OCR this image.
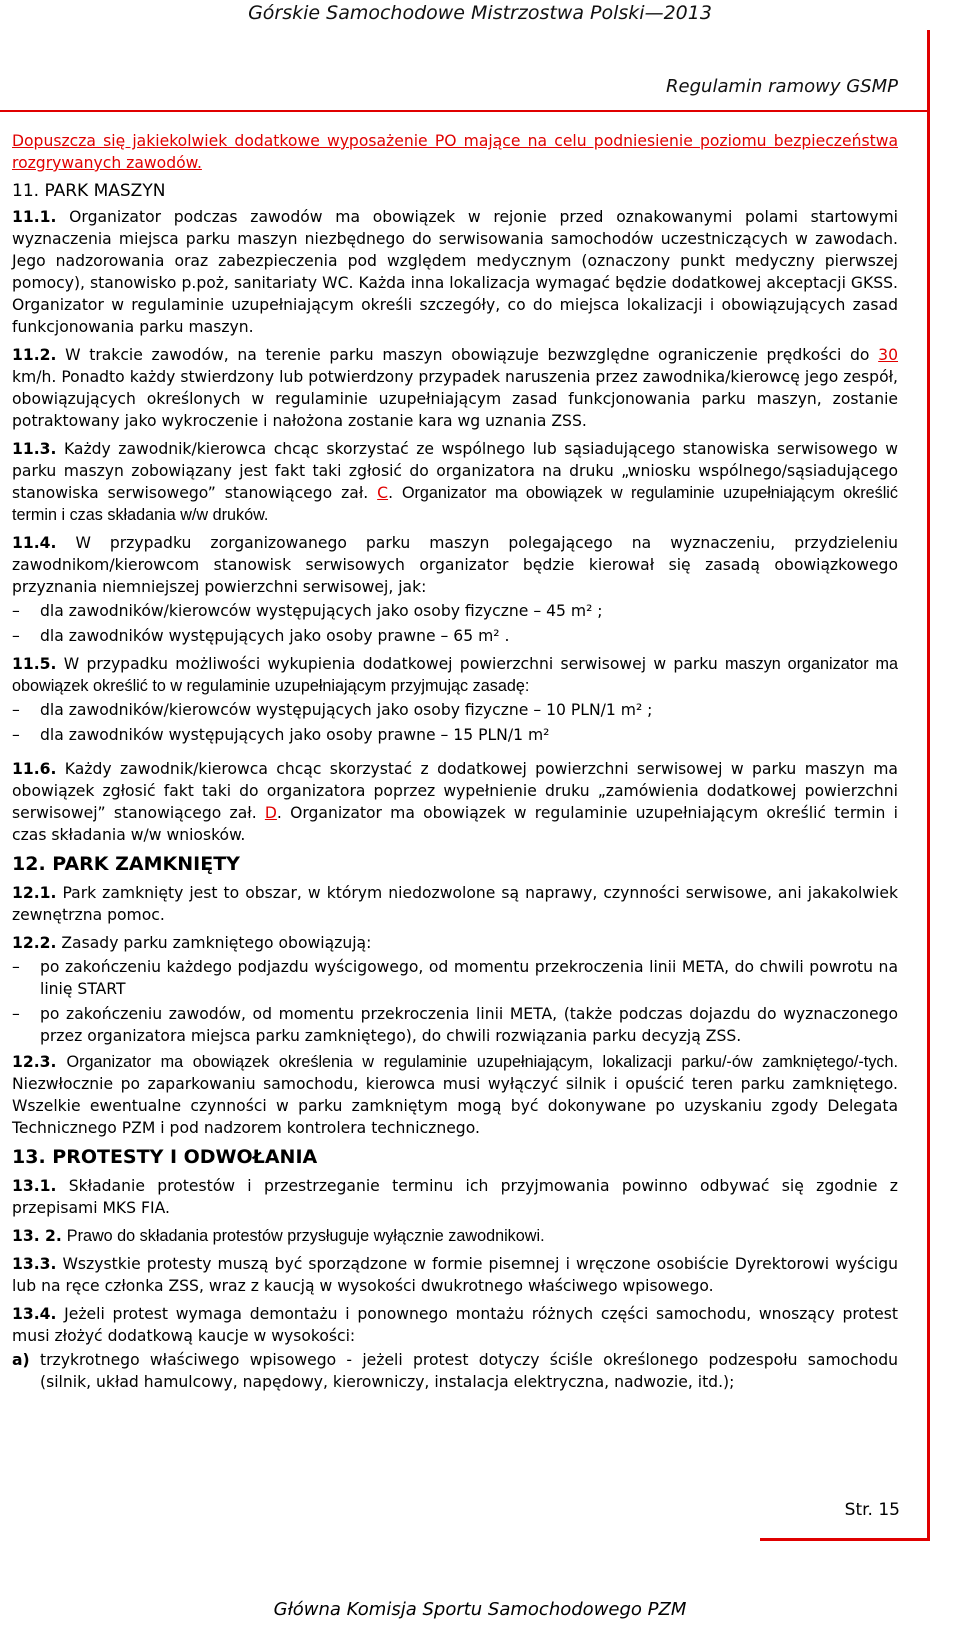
Górskie Samochodowe Mistrzostwa Polski—2013
Regulamin ramowy GSMP

Dopuszcza się jakiekolwiek dodatkowe wyposażenie PO mające na celu podniesienie poziomu bezpieczeństwa rozgrywanych zawodów.

11. PARK MASZYN

11.1. Organizator podczas zawodów ma obowiązek w rejonie przed oznakowanymi polami startowymi wyznaczenia miejsca parku maszyn niezbędnego do serwisowania samochodów uczestniczących w zawodach. Jego nadzorowania oraz zabezpieczenia pod względem medycznym (oznaczony punkt medyczny pierwszej pomocy), stanowisko p.poż, sanitariaty WC. Każda inna lokalizacja wymagać będzie dodatkowej akceptacji GKSS. Organizator w regulaminie uzupełniającym określi szczegóły, co do miejsca lokalizacji i obowiązujących zasad funkcjonowania parku maszyn.

11.2. W trakcie zawodów, na terenie parku maszyn obowiązuje bezwzględne ograniczenie prędkości do 30 km/h. Ponadto każdy stwierdzony lub potwierdzony przypadek naruszenia przez zawodnika/kierowcę jego zespół, obowiązujących określonych w regulaminie uzupełniającym zasad funkcjonowania parku maszyn, zostanie potraktowany jako wykroczenie i nałożona zostanie kara wg uznania ZSS.

11.3. Każdy zawodnik/kierowca chcąc skorzystać ze wspólnego lub sąsiadującego stanowiska serwisowego w parku maszyn zobowiązany jest fakt taki zgłosić do organizatora na druku „wniosku wspólnego/sąsiadującego stanowiska serwisowego” stanowiącego zał. C. Organizator ma obowiązek w regulaminie uzupełniającym określić termin i czas składania w/w druków.

11.4. W przypadku zorganizowanego parku maszyn polegającego na wyznaczeniu, przydzieleniu zawodnikom/kierowcom stanowisk serwisowych organizator będzie kierował się zasadą obowiązkowego przyznania niemniejszej powierzchni serwisowej, jak:

– dla zawodników/kierowców występujących jako osoby fizyczne – 45 m² ;
– dla zawodników występujących jako osoby prawne – 65 m² .

11.5. W przypadku możliwości wykupienia dodatkowej powierzchni serwisowej w parku maszyn organizator ma obowiązek określić to w regulaminie uzupełniającym przyjmując zasadę:

– dla zawodników/kierowców występujących jako osoby fizyczne – 10 PLN/1 m² ;
– dla zawodników występujących jako osoby prawne – 15 PLN/1 m²

11.6. Każdy zawodnik/kierowca chcąc skorzystać z dodatkowej powierzchni serwisowej w parku maszyn ma obowiązek zgłosić fakt taki do organizatora poprzez wypełnienie druku „zamówienia dodatkowej powierzchni serwisowej” stanowiącego zał. D. Organizator ma obowiązek w regulaminie uzupełniającym określić termin i czas składania w/w wniosków.

12. PARK ZAMKNIĘTY

12.1. Park zamknięty jest to obszar, w którym niedozwolone są naprawy, czynności serwisowe, ani jakakolwiek zewnętrzna pomoc.

12.2. Zasady parku zamkniętego obowiązują:

– po zakończeniu każdego podjazdu wyścigowego, od momentu przekroczenia linii META, do chwili powrotu na linię START
– po zakończeniu zawodów, od momentu przekroczenia linii META, (także podczas dojazdu do wyznaczonego przez organizatora miejsca parku zamkniętego), do chwili rozwiązania parku decyzją ZSS.

12.3. Organizator ma obowiązek określenia w regulaminie uzupełniającym, lokalizacji parku/-ów zamkniętego/-tych. Niezwłocznie po zaparkowaniu samochodu, kierowca musi wyłączyć silnik i opuścić teren parku zamkniętego. Wszelkie ewentualne czynności w parku zamkniętym mogą być dokonywane po uzyskaniu zgody Delegata Technicznego PZM i pod nadzorem kontrolera technicznego.

13. PROTESTY I ODWOŁANIA

13.1. Składanie protestów i przestrzeganie terminu ich przyjmowania powinno odbywać się zgodnie z przepisami MKS FIA.

13. 2. Prawo do składania protestów przysługuje wyłącznie zawodnikowi.

13.3. Wszystkie protesty muszą być sporządzone w formie pisemnej i wręczone osobiście Dyrektorowi wyścigu lub na ręce członka ZSS, wraz z kaucją w wysokości dwukrotnego właściwego wpisowego.

13.4. Jeżeli protest wymaga demontażu i ponownego montażu różnych części samochodu, wnoszący protest musi złożyć dodatkową kaucje w wysokości:

a) trzykrotnego właściwego wpisowego - jeżeli protest dotyczy ściśle określonego podzespołu samochodu (silnik, układ hamulcowy, napędowy, kierowniczy, instalacja elektryczna, nadwozie, itd.);
Str. 15
Główna Komisja Sportu Samochodowego PZM
